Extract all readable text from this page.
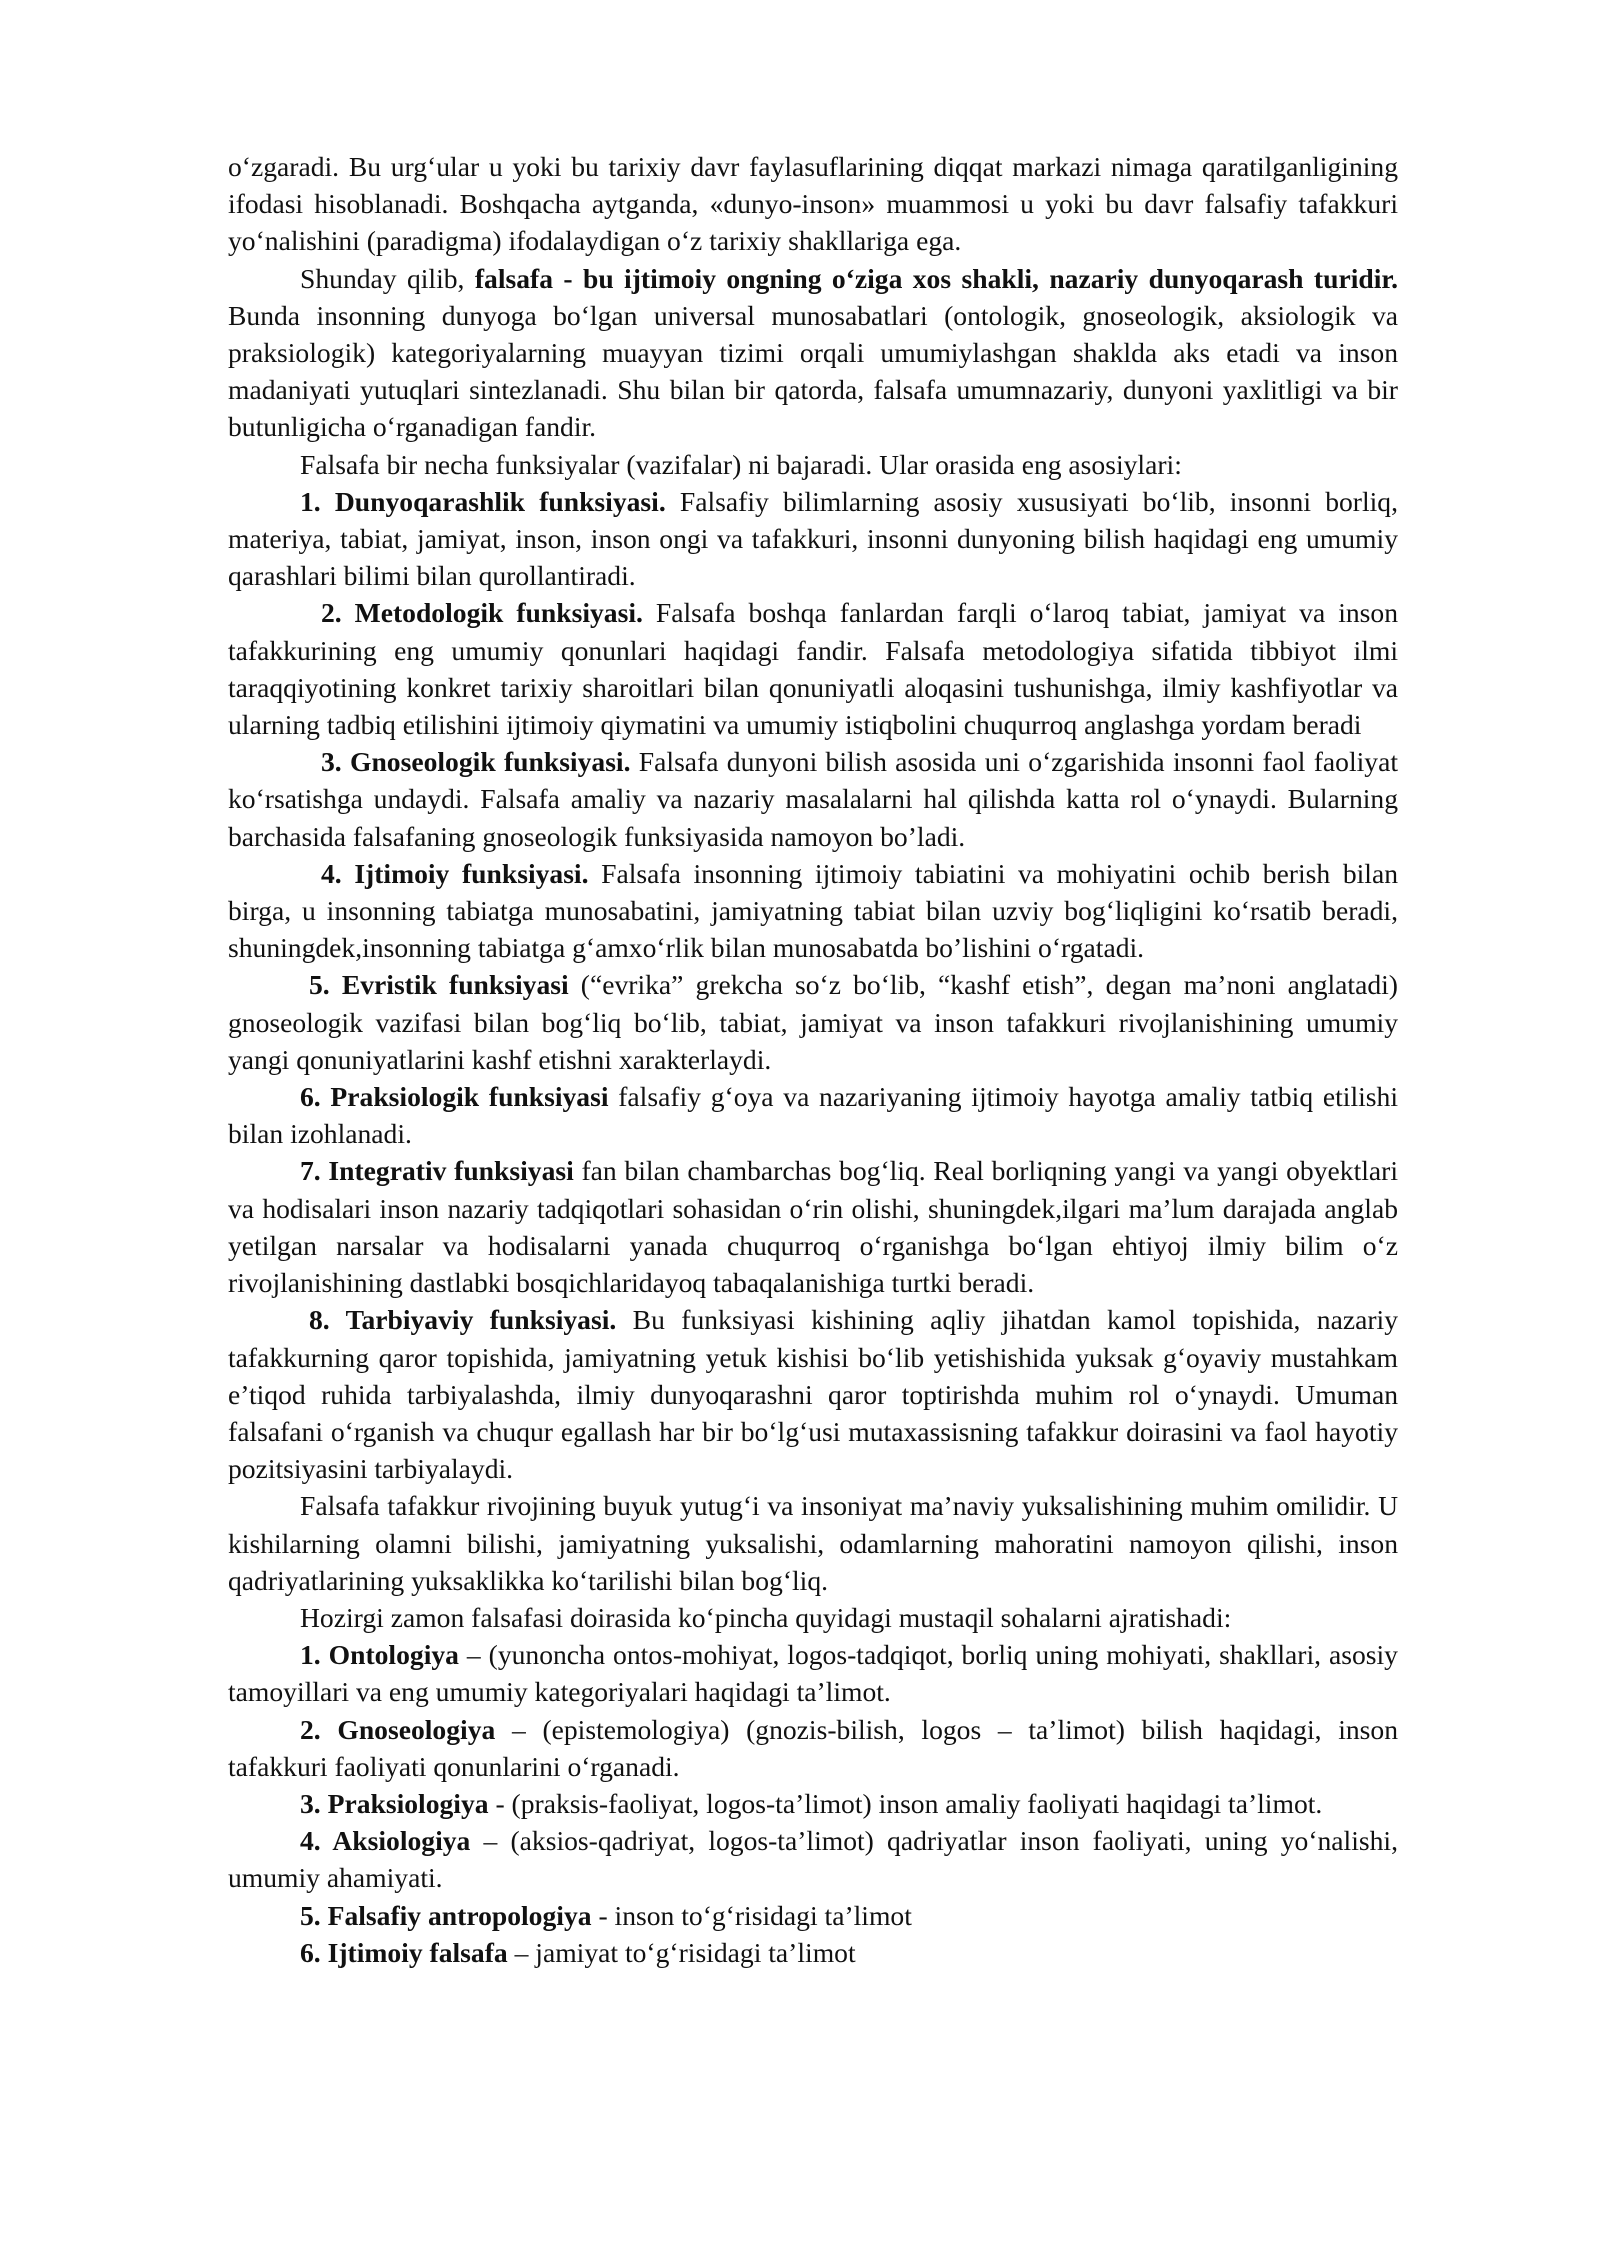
o‘zgaradi. Bu urg‘ular u yoki bu tarixiy davr faylasuflarining diqqat markazi nimaga qaratilganligining ifodasi hisoblanadi. Boshqacha aytganda, «dunyo-inson» muammosi u yoki bu davr falsafiy tafakkuri yo‘nalishini (paradigma) ifodalaydigan o‘z tarixiy shakllariga ega.

Shunday qilib, falsafa - bu ijtimoiy ongning o‘ziga xos shakli, nazariy dunyoqarash turidir. Bunda insonning dunyoga bo‘lgan universal munosabatlari (ontologik, gnoseologik, aksiologik va praksiologik) kategoriyalarning muayyan tizimi orqali umumiylashgan shaklda aks etadi va inson madaniyati yutuqlari sintezlanadi. Shu bilan bir qatorda, falsafa umumnazariy, dunyoni yaxlitligi va bir butunligicha o‘rganadigan fandir.

Falsafa bir necha funksiyalar (vazifalar) ni bajaradi. Ular orasida eng asosiylari:

1. Dunyoqarashlik funksiyasi. Falsafiy bilimlarning asosiy xususiyati bo‘lib, insonni borliq, materiya, tabiat, jamiyat, inson, inson ongi va tafakkuri, insonni dunyoning bilish haqidagi eng umumiy qarashlari bilimi bilan qurollantiradi.

2. Metodologik funksiyasi. Falsafa boshqa fanlardan farqli o‘laroq tabiat, jamiyat va inson tafakkurining eng umumiy qonunlari haqidagi fandir. Falsafa metodologiya sifatida tibbiyot ilmi taraqqiyotining konkret tarixiy sharoitlari bilan qonuniyatli aloqasini tushunishga, ilmiy kashfiyotlar va ularning tadbiq etilishini ijtimoiy qiymatini va umumiy istiqbolini chuqurroq anglashga yordam beradi

3. Gnoseologik funksiyasi. Falsafa dunyoni bilish asosida uni o‘zgarishida insonni faol faoliyat ko‘rsatishga undaydi. Falsafa amaliy va nazariy masalalarni hal qilishda katta rol o‘ynaydi. Bularning barchasida falsafaning gnoseologik funksiyasida namoyon bo’ladi.

4. Ijtimoiy funksiyasi. Falsafa insonning ijtimoiy tabiatini va mohiyatini ochib berish bilan birga, u insonning tabiatga munosabatini, jamiyatning tabiat bilan uzviy bog‘liqligini ko‘rsatib beradi, shuningdek,insonning tabiatga g‘amxo‘rlik bilan munosabatda bo’lishini o‘rgatadi.

5. Evristik funksiyasi (“evrika” grekcha so‘z bo‘lib, “kashf etish”, degan ma’noni anglatadi) gnoseologik vazifasi bilan bog‘liq bo‘lib, tabiat, jamiyat va inson tafakkuri rivojlanishining umumiy yangi qonuniyatlarini kashf etishni xarakterlaydi.

6. Praksiologik funksiyasi falsafiy g‘oya va nazariyaning ijtimoiy hayotga amaliy tatbiq etilishi bilan izohlanadi.

7. Integrativ funksiyasi fan bilan chambarchas bog‘liq. Real borliqning yangi va yangi obyektlari va hodisalari inson nazariy tadqiqotlari sohasidan o‘rin olishi, shuningdek,ilgari ma’lum darajada anglab yetilgan narsalar va hodisalarni yanada chuqurroq o‘rganishga bo‘lgan ehtiyoj ilmiy bilim o‘z rivojlanishining dastlabki bosqichlaridayoq tabaqalanishiga turtki beradi.

8. Tarbiyaviy funksiyasi. Bu funksiyasi kishining aqliy jihatdan kamol topishida, nazariy tafakkurning qaror topishida, jamiyatning yetuk kishisi bo‘lib yetishishida yuksak g‘oyaviy mustahkam e’tiqod ruhida tarbiyalashda, ilmiy dunyoqarashni qaror toptirishda muhim rol o‘ynaydi. Umuman falsafani o‘rganish va chuqur egallash har bir bo‘lg‘usi mutaxassisning tafakkur doirasini va faol hayotiy pozitsiyasini tarbiyalaydi.

Falsafa tafakkur rivojining buyuk yutug‘i va insoniyat ma’naviy yuksalishining muhim omilidir. U kishilarning olamni bilishi, jamiyatning yuksalishi, odamlarning mahoratini namoyon qilishi, inson qadriyatlarining yuksaklikka ko‘tarilishi bilan bog‘liq.

Hozirgi zamon falsafasi doirasida ko‘pincha quyidagi mustaqil sohalarni ajratishadi:

1. Ontologiya – (yunoncha ontos-mohiyat, logos-tadqiqot, borliq uning mohiyati, shakllari, asosiy tamoyillari va eng umumiy kategoriyalari haqidagi ta’limot.

2. Gnoseologiya – (epistemologiya) (gnozis-bilish, logos – ta’limot) bilish haqidagi, inson tafakkuri faoliyati qonunlarini o‘rganadi.

3. Praksiologiya - (praksis-faoliyat, logos-ta’limot) inson amaliy faoliyati haqidagi ta’limot.

4. Aksiologiya – (aksios-qadriyat, logos-ta’limot) qadriyatlar inson faoliyati, uning yo‘nalishi, umumiy ahamiyati.

5. Falsafiy antropologiya - inson to‘g‘risidagi ta’limot

6. Ijtimoiy falsafa – jamiyat to‘g‘risidagi ta’limot
